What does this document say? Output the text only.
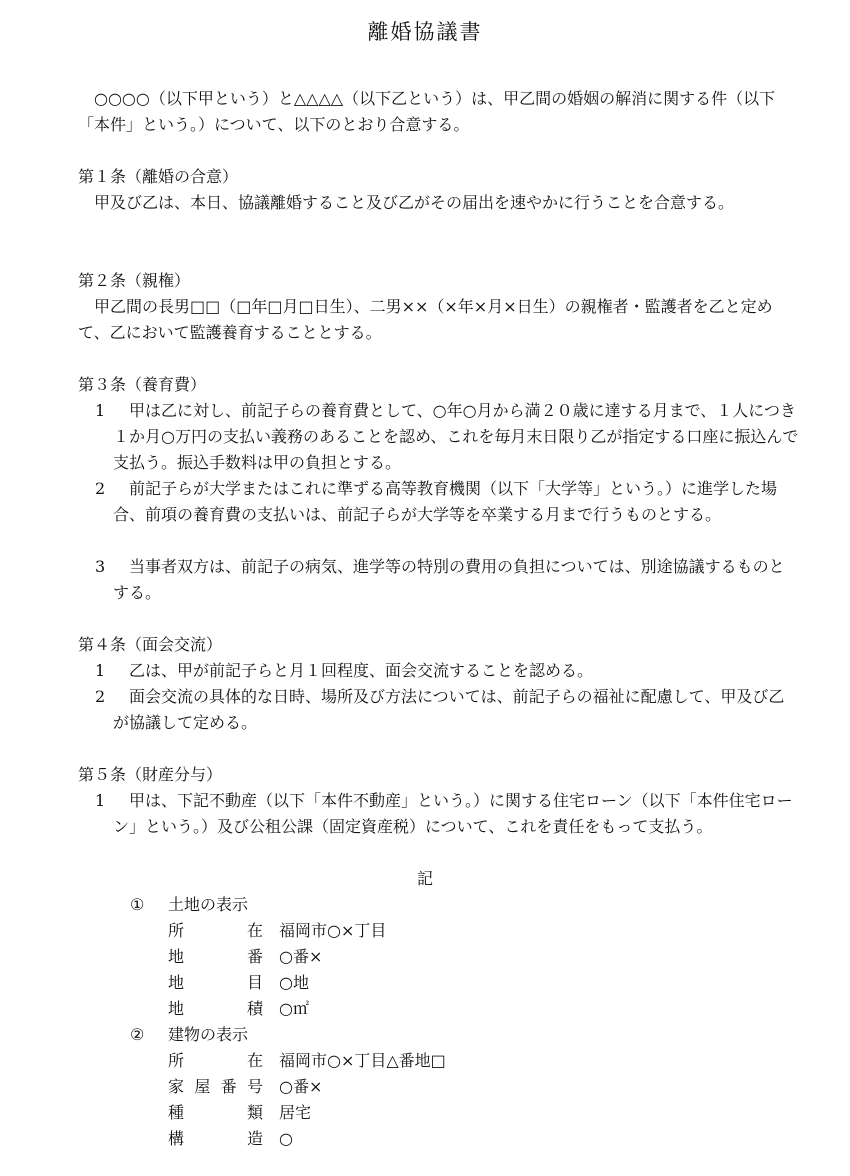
離婚協議書
○○○○（以下甲という）と△△△△（以下乙という）は、甲乙間の婚姻の解消に関する件（以下「本件」という。）について、以下のとおり合意する。
第１条（離婚の合意）
甲及び乙は、本日、協議離婚すること及び乙がその届出を速やかに行うことを合意する。
第２条（親権）
甲乙間の長男□□（□年□月□日生）、二男××（×年×月×日生）の親権者・監護者を乙と定めて、乙において監護養育することとする。
第３条（養育費）
1 甲は乙に対し、前記子らの養育費として、○年○月から満２０歳に達する月まで、１人につき１か月○万円の支払い義務のあることを認め、これを毎月末日限り乙が指定する口座に振込んで支払う。振込手数料は甲の負担とする。
2 前記子らが大学またはこれに準ずる高等教育機関（以下「大学等」という。）に進学した場合、前項の養育費の支払いは、前記子らが大学等を卒業する月まで行うものとする。
3 当事者双方は、前記子の病気、進学等の特別の費用の負担については、別途協議するものとする。
第４条（面会交流）
1 乙は、甲が前記子らと月１回程度、面会交流することを認める。
2 面会交流の具体的な日時、場所及び方法については、前記子らの福祉に配慮して、甲及び乙が協議して定める。
第５条（財産分与）
1 甲は、下記不動産（以下「本件不動産」という。）に関する住宅ローン（以下「本件住宅ローン」という。）及び公租公課（固定資産税）について、これを責任をもって支払う。
記
① 土地の表示
所在 福岡市○×丁目
地番 ○番×
地目 ○地
地積 ○㎡
② 建物の表示
所在 福岡市○×丁目△番地□
家屋番号 ○番×
種類 居宅
構造 ○
